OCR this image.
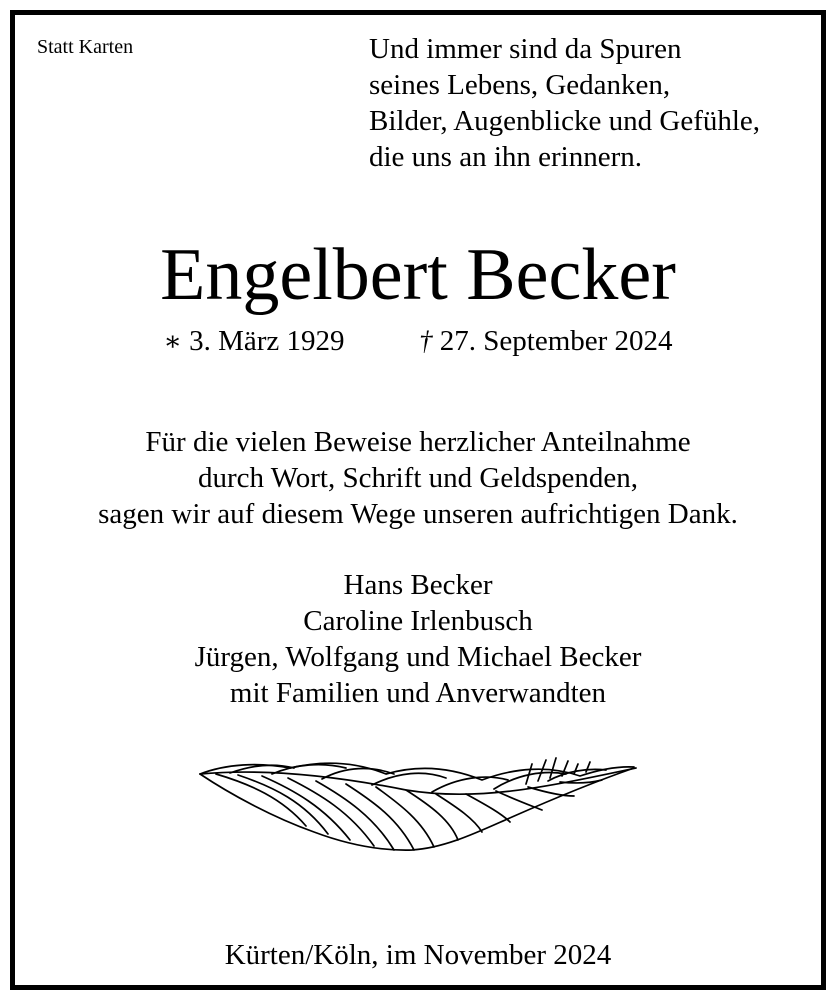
Statt Karten	Und immer sind da Spuren
seines Lebens, Gedanken,
Bilder, Augenblicke und Gefühle,
die uns an ihn erinnern.
Engelbert Becker
∗ 3. März 1929	† 27. September 2024
Für die vielen Beweise herzlicher Anteilnahme
durch Wort, Schrift und Geldspenden,
sagen wir auf diesem Wege unseren aufrichtigen Dank.
Hans Becker
Caroline Irlenbusch
Jürgen, Wolfgang und Michael Becker
mit Familien und Anverwandten
Kürten/Köln, im November 2024
